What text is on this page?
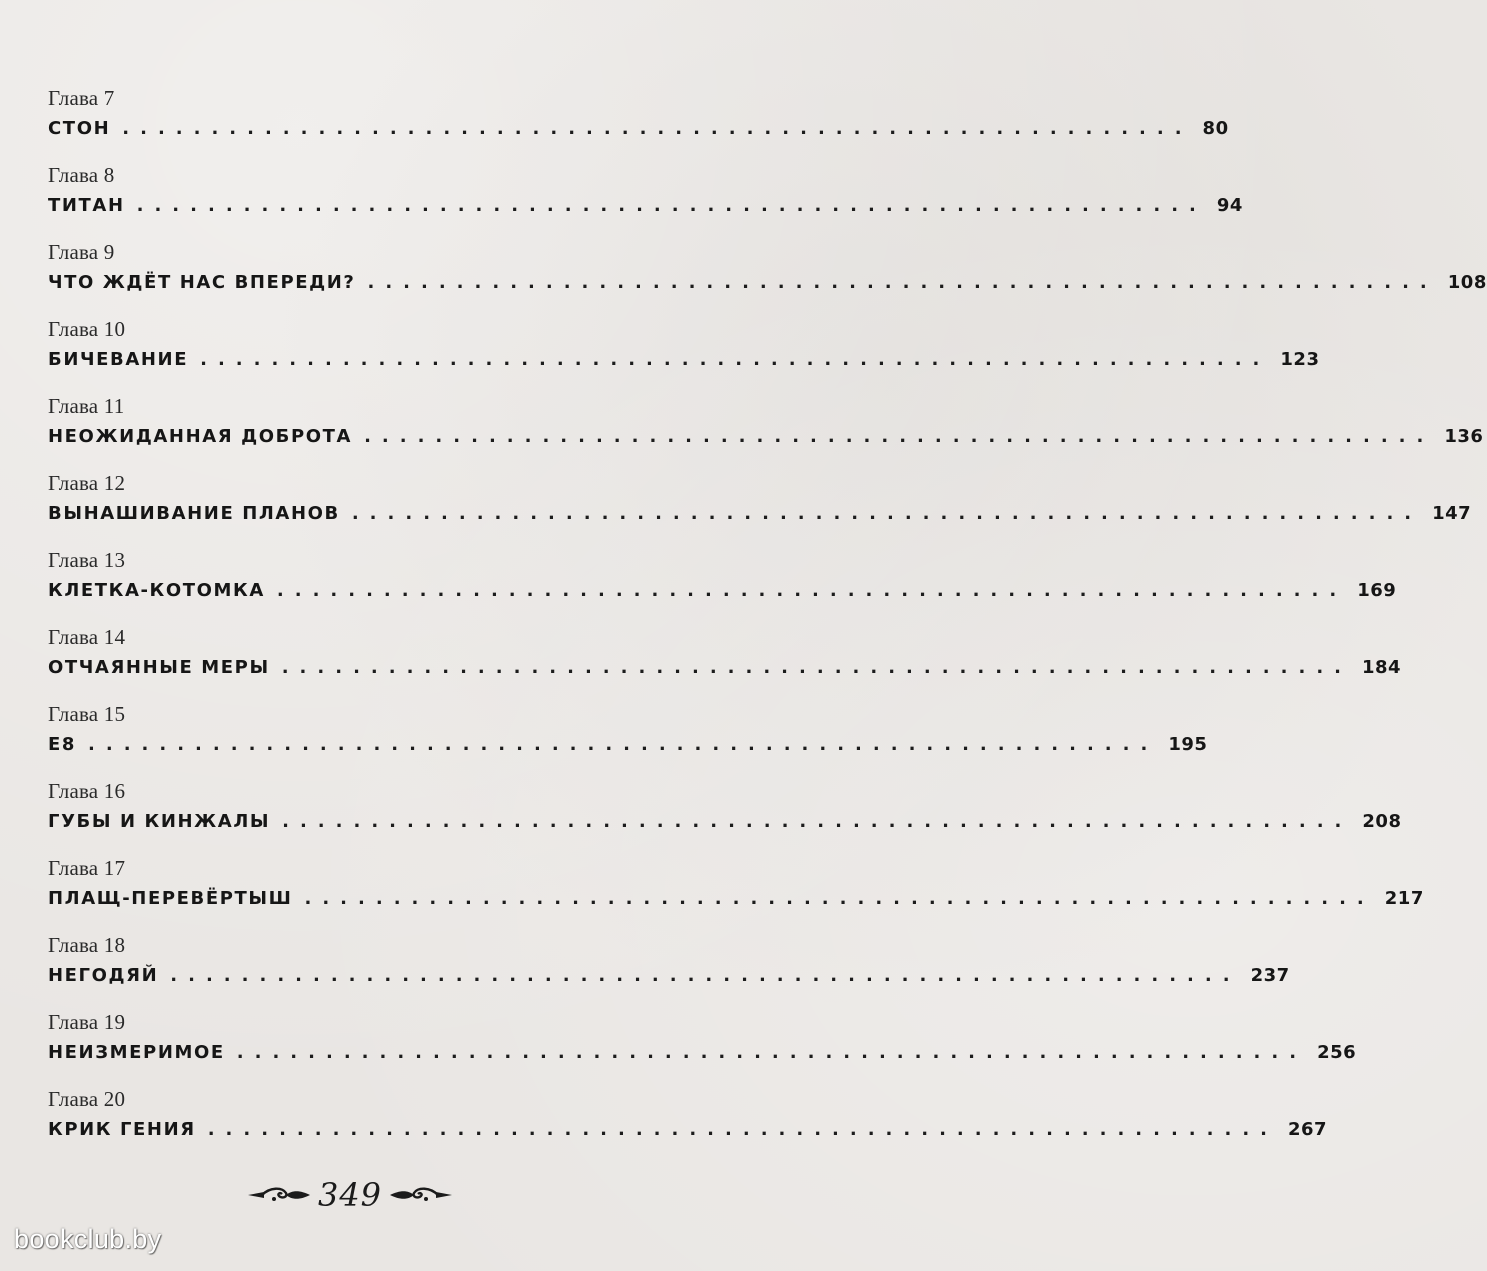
Глава 7
СТОН ............................................................ 80
Глава 8
ТИТАН ............................................................ 94
Глава 9
ЧТО ЖДЁТ НАС ВПЕРЕДИ? ............................................................ 108
Глава 10
БИЧЕВАНИЕ ............................................................ 123
Глава 11
НЕОЖИДАННАЯ ДОБРОТА ............................................................ 136
Глава 12
ВЫНАШИВАНИЕ ПЛАНОВ ............................................................ 147
Глава 13
КЛЕТКА-КОТОМКА ............................................................ 169
Глава 14
ОТЧАЯННЫЕ МЕРЫ ............................................................ 184
Глава 15
Е8 ............................................................ 195
Глава 16
ГУБЫ И КИНЖАЛЫ ............................................................ 208
Глава 17
ПЛАЩ-ПЕРЕВЁРТЫШ ............................................................ 217
Глава 18
НЕГОДЯЙ ............................................................ 237
Глава 19
НЕИЗМЕРИМОЕ ............................................................ 256
Глава 20
КРИК ГЕНИЯ ............................................................ 267
349
bookclub.by
